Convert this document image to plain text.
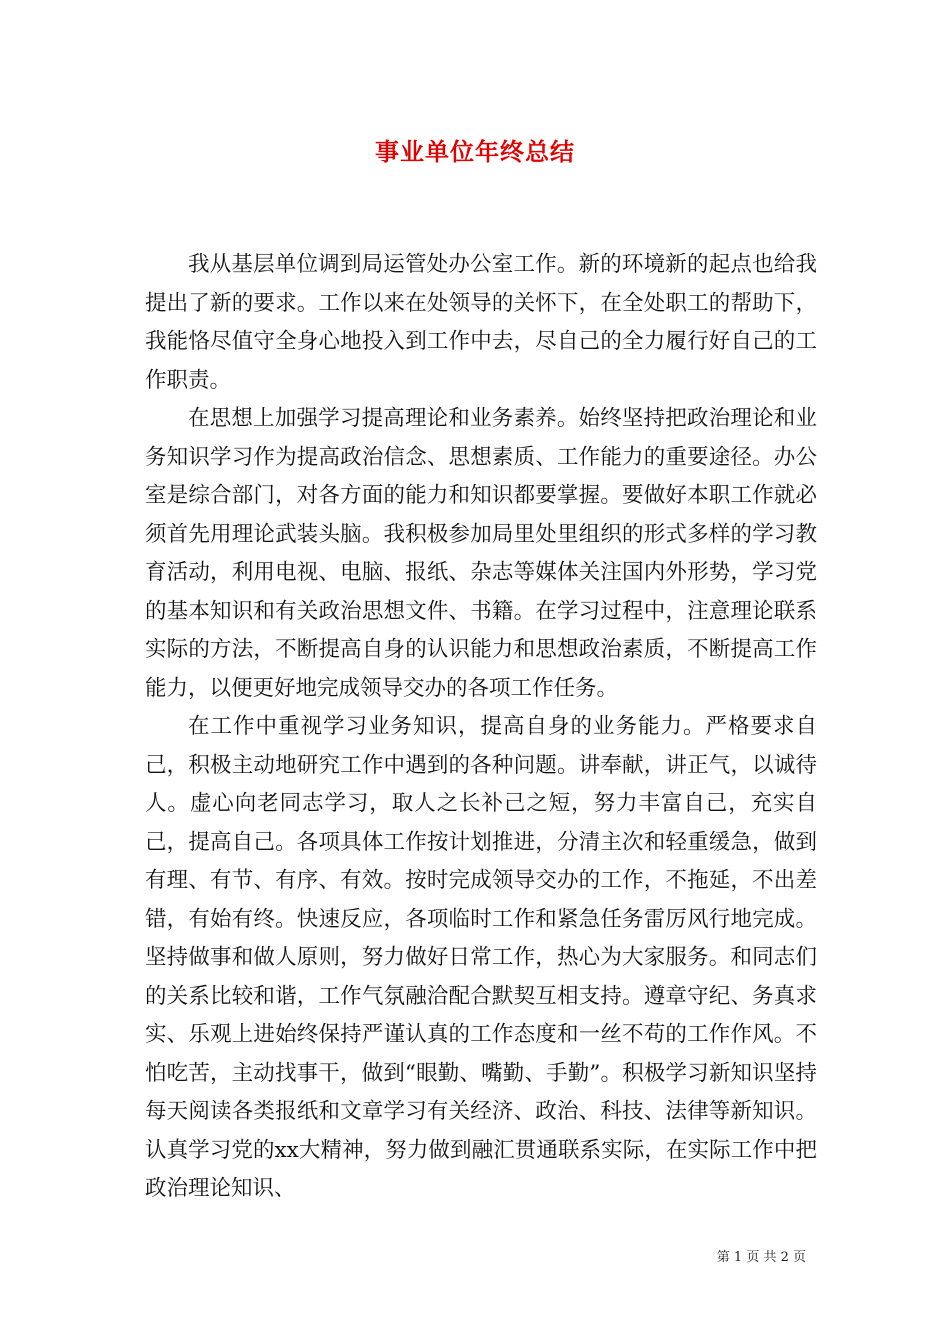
事业单位年终总结

我从基层单位调到局运管处办公室工作。新的环境新的起点也给我提出了新的要求。工作以来在处领导的关怀下，在全处职工的帮助下，我能恪尽值守全身心地投入到工作中去，尽自己的全力履行好自己的工作职责。

在思想上加强学习提高理论和业务素养。始终坚持把政治理论和业务知识学习作为提高政治信念、思想素质、工作能力的重要途径。办公室是综合部门，对各方面的能力和知识都要掌握。要做好本职工作就必须首先用理论武装头脑。我积极参加局里处里组织的形式多样的学习教育活动，利用电视、电脑、报纸、杂志等媒体关注国内外形势，学习党的基本知识和有关政治思想文件、书籍。在学习过程中，注意理论联系实际的方法，不断提高自身的认识能力和思想政治素质，不断提高工作能力，以便更好地完成领导交办的各项工作任务。

在工作中重视学习业务知识，提高自身的业务能力。严格要求自己，积极主动地研究工作中遇到的各种问题。讲奉献，讲正气，以诚待人。虚心向老同志学习，取人之长补己之短，努力丰富自己，充实自己，提高自己。各项具体工作按计划推进，分清主次和轻重缓急，做到有理、有节、有序、有效。按时完成领导交办的工作，不拖延，不出差错，有始有终。快速反应，各项临时工作和紧急任务雷厉风行地完成。坚持做事和做人原则，努力做好日常工作，热心为大家服务。和同志们的关系比较和谐，工作气氛融洽配合默契互相支持。遵章守纪、务真求实、乐观上进始终保持严谨认真的工作态度和一丝不苟的工作作风。不怕吃苦，主动找事干，做到“眼勤、嘴勤、手勤”。积极学习新知识坚持每天阅读各类报纸和文章学习有关经济、政治、科技、法律等新知识。认真学习党的xx大精神，努力做到融汇贯通联系实际，在实际工作中把政治理论知识、

第 1 页 共 2 页
